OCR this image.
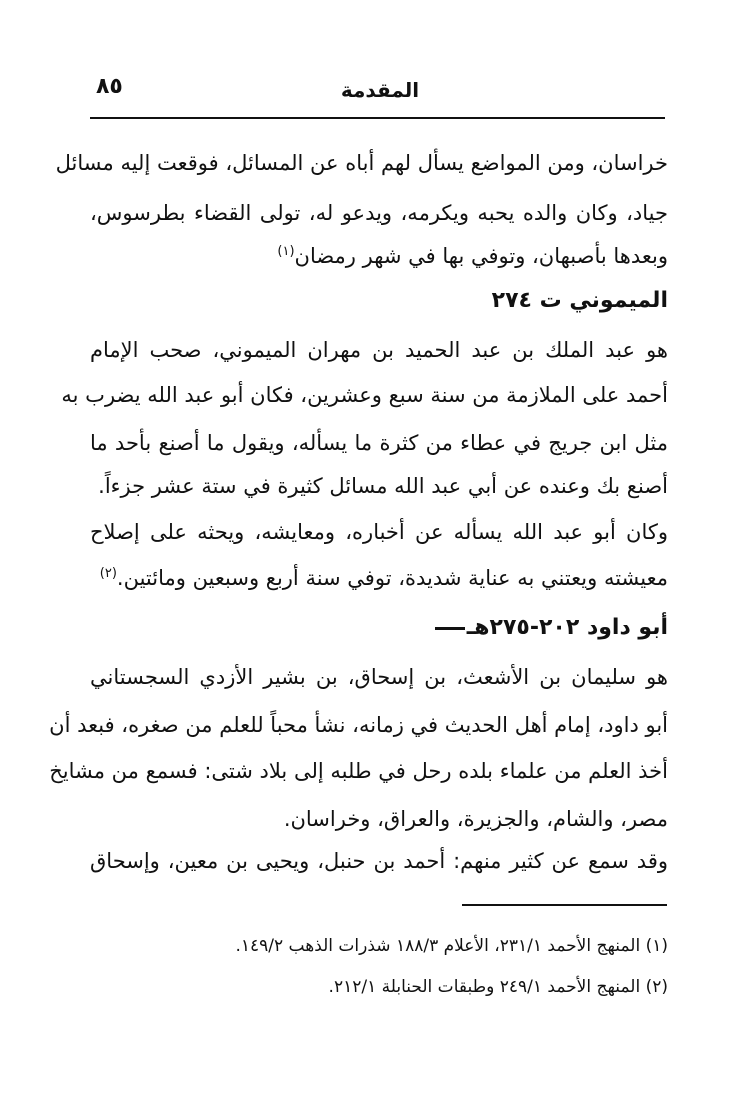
٨٥	المقدمة
خراسان، ومن المواضع يسأل لهم أباه عن المسائل، فوقعت إليه مسائل
جياد، وكان والده يحبه ويكرمه، ويدعو له، تولى القضاء بطرسوس،
وبعدها بأصبهان، وتوفي بها في شهر رمضان$^{(١)}$
الميموني ت ٢٧٤
هو عبد الملك بن عبد الحميد بن مهران الميموني، صحب الإمام
أحمد على الملازمة من سنة سبع وعشرين، فكان أبو عبد الله يضرب به
مثل ابن جريج في عطاء من كثرة ما يسأله، ويقول ما أصنع بأحد ما
أصنع بك وعنده عن أبي عبد الله مسائل كثيرة في ستة عشر جزءاً.
وكان أبو عبد الله يسأله عن أخباره، ومعايشه، ويحثه على إصلاح
معيشته ويعتني به عناية شديدة، توفي سنة أربع وسبعين ومائتين.$^{(٢)}$
أبو داود ٢٠٢-٢٧٥هـ
هو سليمان بن الأشعث، بن إسحاق، بن بشير الأزدي السجستاني
أبو داود، إمام أهل الحديث في زمانه، نشأ محباً للعلم من صغره، فبعد أن
أخذ العلم من علماء بلده رحل في طلبه إلى بلاد شتى: فسمع من مشايخ
مصر، والشام، والجزيرة، والعراق، وخراسان.
وقد سمع عن كثير منهم: أحمد بن حنبل، ويحيى بن معين، وإسحاق
(١) المنهج الأحمد ٢٣١/١، الأعلام ١٨٨/٣ شذرات الذهب ١٤٩/٢.
(٢) المنهج الأحمد ٢٤٩/١ وطبقات الحنابلة ٢١٢/١.
